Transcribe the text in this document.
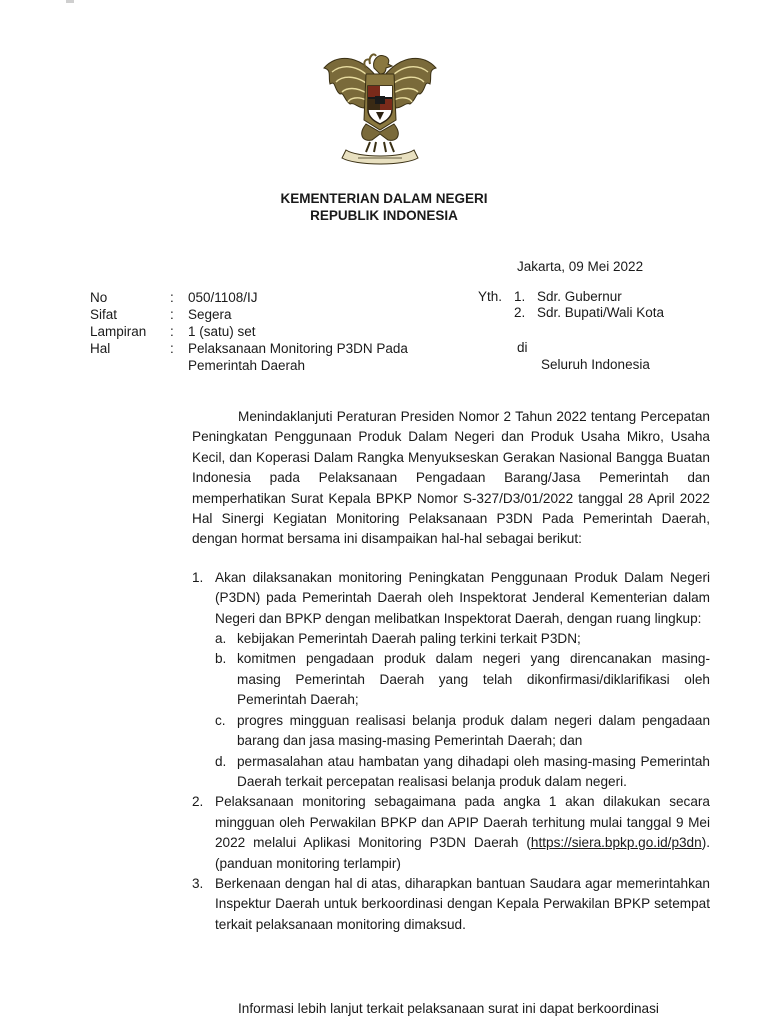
KEMENTERIAN DALAM NEGERI
REPUBLIK INDONESIA
Jakarta, 09 Mei 2022
No	: 050/1108/IJ
Sifat	: Segera
Lampiran : 1 (satu) set
Hal	: Pelaksanaan Monitoring P3DN Pada
Pemerintah Daerah
Yth. 1. Sdr. Gubernur
2. Sdr. Bupati/Wali Kota
di
Seluruh Indonesia

Menindaklanjuti Peraturan Presiden Nomor 2 Tahun 2022 tentang Percepatan Peningkatan Penggunaan Produk Dalam Negeri dan Produk Usaha Mikro, Usaha Kecil, dan Koperasi Dalam Rangka Menyukseskan Gerakan Nasional Bangga Buatan Indonesia pada Pelaksanaan Pengadaan Barang/Jasa Pemerintah dan memperhatikan Surat Kepala BPKP Nomor S-327/D3/01/2022 tanggal 28 April 2022 Hal Sinergi Kegiatan Monitoring Pelaksanaan P3DN Pada Pemerintah Daerah, dengan hormat bersama ini disampaikan hal-hal sebagai berikut:

1. Akan dilaksanakan monitoring Peningkatan Penggunaan Produk Dalam Negeri (P3DN) pada Pemerintah Daerah oleh Inspektorat Jenderal Kementerian dalam Negeri dan BPKP dengan melibatkan Inspektorat Daerah, dengan ruang lingkup:
a. kebijakan Pemerintah Daerah paling terkini terkait P3DN;
b. komitmen pengadaan produk dalam negeri yang direncanakan masing-masing Pemerintah Daerah yang telah dikonfirmasi/diklarifikasi oleh Pemerintah Daerah;
c. progres mingguan realisasi belanja produk dalam negeri dalam pengadaan barang dan jasa masing-masing Pemerintah Daerah; dan
d. permasalahan atau hambatan yang dihadapi oleh masing-masing Pemerintah Daerah terkait percepatan realisasi belanja produk dalam negeri.
2. Pelaksanaan monitoring sebagaimana pada angka 1 akan dilakukan secara mingguan oleh Perwakilan BPKP dan APIP Daerah terhitung mulai tanggal 9 Mei 2022 melalui Aplikasi Monitoring P3DN Daerah (https://siera.bpkp.go.id/p3dn). (panduan monitoring terlampir)
3. Berkenaan dengan hal di atas, diharapkan bantuan Saudara agar memerintahkan Inspektur Daerah untuk berkoordinasi dengan Kepala Perwakilan BPKP setempat terkait pelaksanaan monitoring dimaksud.
Informasi lebih lanjut terkait pelaksanaan surat ini dapat berkoordinasi
